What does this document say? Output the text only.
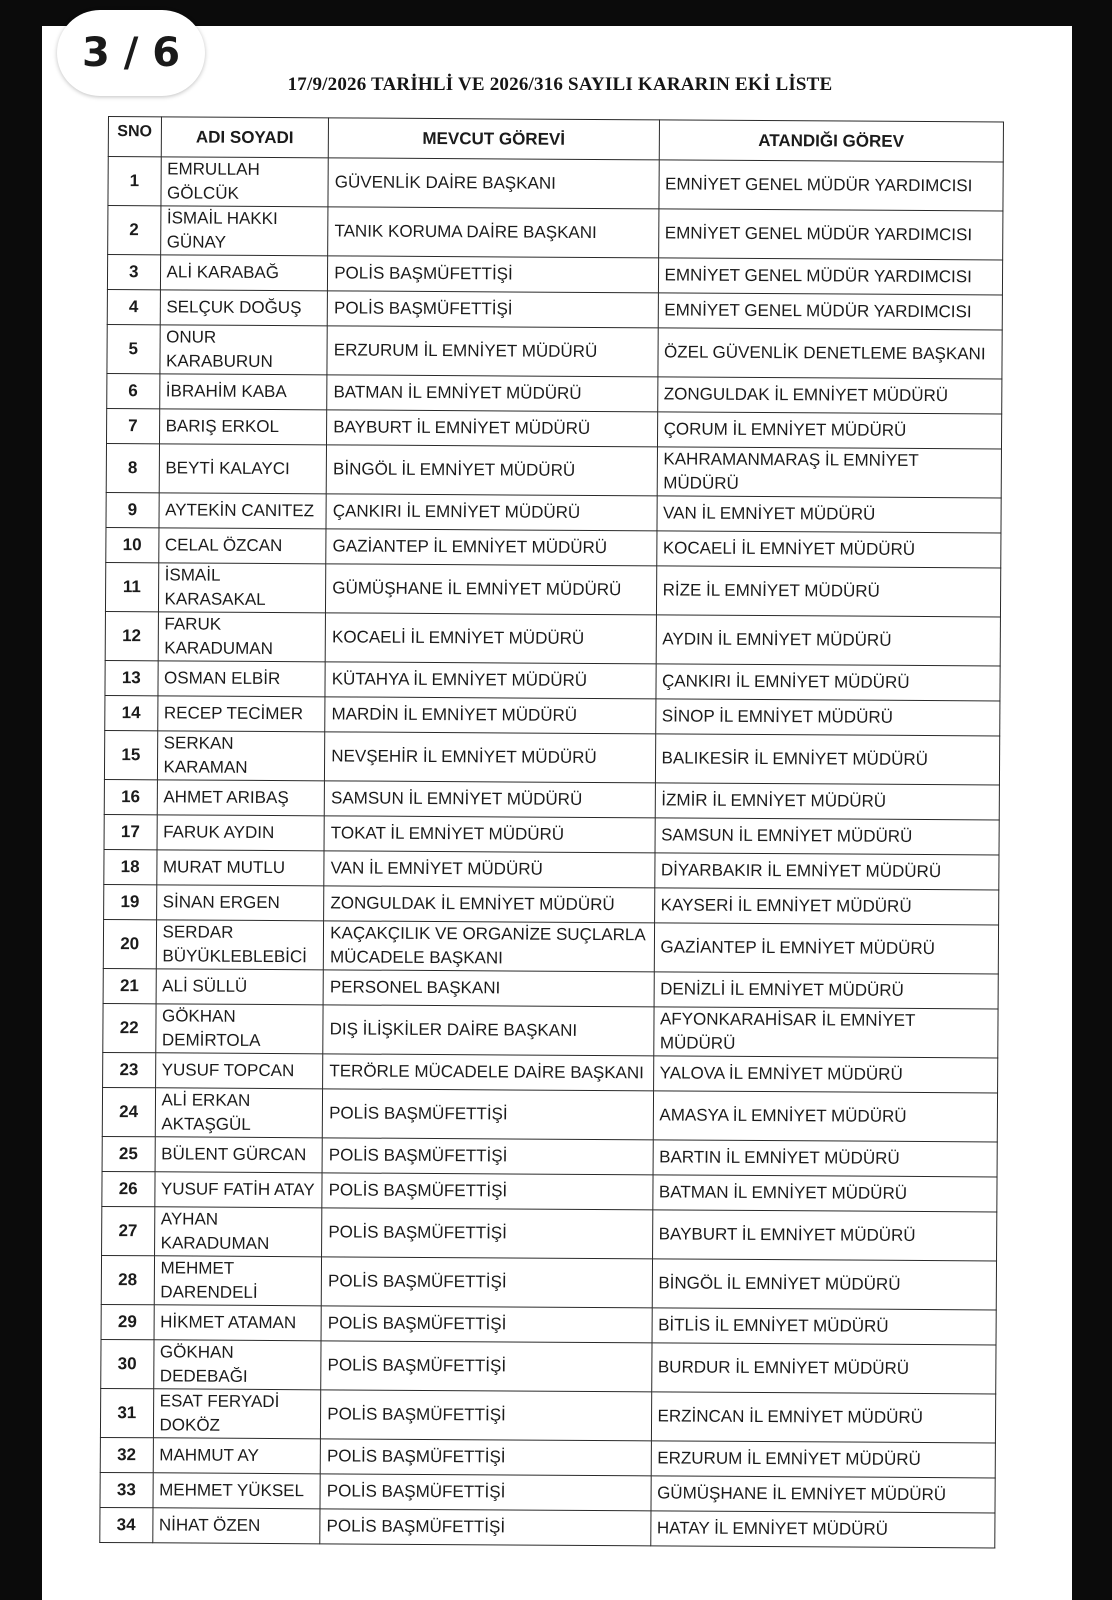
3 / 6
17/9/2026 TARİHLİ VE 2026/316 SAYILI KARARIN EKİ LİSTE
SNO	ADI SOYADI	MEVCUT GÖREVİ	ATANDIĞI GÖREV
1	EMRULLAH GÖLCÜK	GÜVENLİK DAİRE BAŞKANI	EMNİYET GENEL MÜDÜR YARDIMCISI
2	İSMAİL HAKKI GÜNAY	TANIK KORUMA DAİRE BAŞKANI	EMNİYET GENEL MÜDÜR YARDIMCISI
3	ALİ KARABAĞ	POLİS BAŞMÜFETTİŞİ	EMNİYET GENEL MÜDÜR YARDIMCISI
4	SELÇUK DOĞUŞ	POLİS BAŞMÜFETTİŞİ	EMNİYET GENEL MÜDÜR YARDIMCISI
5	ONUR KARABURUN	ERZURUM İL EMNİYET MÜDÜRÜ	ÖZEL GÜVENLİK DENETLEME BAŞKANI
6	İBRAHİM KABA	BATMAN İL EMNİYET MÜDÜRÜ	ZONGULDAK İL EMNİYET MÜDÜRÜ
7	BARIŞ ERKOL	BAYBURT İL EMNİYET MÜDÜRÜ	ÇORUM İL EMNİYET MÜDÜRÜ
8	BEYTİ KALAYCI	BİNGÖL İL EMNİYET MÜDÜRÜ	KAHRAMANMARAŞ İL EMNİYET MÜDÜRÜ
9	AYTEKİN CANITEZ	ÇANKIRI İL EMNİYET MÜDÜRÜ	VAN İL EMNİYET MÜDÜRÜ
10	CELAL ÖZCAN	GAZİANTEP İL EMNİYET MÜDÜRÜ	KOCAELİ İL EMNİYET MÜDÜRÜ
11	İSMAİL KARASAKAL	GÜMÜŞHANE İL EMNİYET MÜDÜRÜ	RİZE İL EMNİYET MÜDÜRÜ
12	FARUK KARADUMAN	KOCAELİ İL EMNİYET MÜDÜRÜ	AYDIN İL EMNİYET MÜDÜRÜ
13	OSMAN ELBİR	KÜTAHYA İL EMNİYET MÜDÜRÜ	ÇANKIRI İL EMNİYET MÜDÜRÜ
14	RECEP TECİMER	MARDİN İL EMNİYET MÜDÜRÜ	SİNOP İL EMNİYET MÜDÜRÜ
15	SERKAN KARAMAN	NEVŞEHİR İL EMNİYET MÜDÜRÜ	BALIKESİR İL EMNİYET MÜDÜRÜ
16	AHMET ARIBAŞ	SAMSUN İL EMNİYET MÜDÜRÜ	İZMİR İL EMNİYET MÜDÜRÜ
17	FARUK AYDIN	TOKAT İL EMNİYET MÜDÜRÜ	SAMSUN İL EMNİYET MÜDÜRÜ
18	MURAT MUTLU	VAN İL EMNİYET MÜDÜRÜ	DİYARBAKIR İL EMNİYET MÜDÜRÜ
19	SİNAN ERGEN	ZONGULDAK İL EMNİYET MÜDÜRÜ	KAYSERİ İL EMNİYET MÜDÜRÜ
20	SERDAR BÜYÜKLEBLEBİCİ	KAÇAKÇILIK VE ORGANİZE SUÇLARLA MÜCADELE BAŞKANI	GAZİANTEP İL EMNİYET MÜDÜRÜ
21	ALİ SÜLLÜ	PERSONEL BAŞKANI	DENİZLİ İL EMNİYET MÜDÜRÜ
22	GÖKHAN DEMİRTOLA	DIŞ İLİŞKİLER DAİRE BAŞKANI	AFYONKARAHİSAR İL EMNİYET MÜDÜRÜ
23	YUSUF TOPCAN	TERÖRLE MÜCADELE DAİRE BAŞKANI	YALOVA İL EMNİYET MÜDÜRÜ
24	ALİ ERKAN AKTAŞGÜL	POLİS BAŞMÜFETTİŞİ	AMASYA İL EMNİYET MÜDÜRÜ
25	BÜLENT GÜRCAN	POLİS BAŞMÜFETTİŞİ	BARTIN İL EMNİYET MÜDÜRÜ
26	YUSUF FATİH ATAY	POLİS BAŞMÜFETTİŞİ	BATMAN İL EMNİYET MÜDÜRÜ
27	AYHAN KARADUMAN	POLİS BAŞMÜFETTİŞİ	BAYBURT İL EMNİYET MÜDÜRÜ
28	MEHMET DARENDELİ	POLİS BAŞMÜFETTİŞİ	BİNGÖL İL EMNİYET MÜDÜRÜ
29	HİKMET ATAMAN	POLİS BAŞMÜFETTİŞİ	BİTLİS İL EMNİYET MÜDÜRÜ
30	GÖKHAN DEDEBAĞI	POLİS BAŞMÜFETTİŞİ	BURDUR İL EMNİYET MÜDÜRÜ
31	ESAT FERYADİ DOKÖZ	POLİS BAŞMÜFETTİŞİ	ERZİNCAN İL EMNİYET MÜDÜRÜ
32	MAHMUT AY	POLİS BAŞMÜFETTİŞİ	ERZURUM İL EMNİYET MÜDÜRÜ
33	MEHMET YÜKSEL	POLİS BAŞMÜFETTİŞİ	GÜMÜŞHANE İL EMNİYET MÜDÜRÜ
34	NİHAT ÖZEN	POLİS BAŞMÜFETTİŞİ	HATAY İL EMNİYET MÜDÜRÜ
